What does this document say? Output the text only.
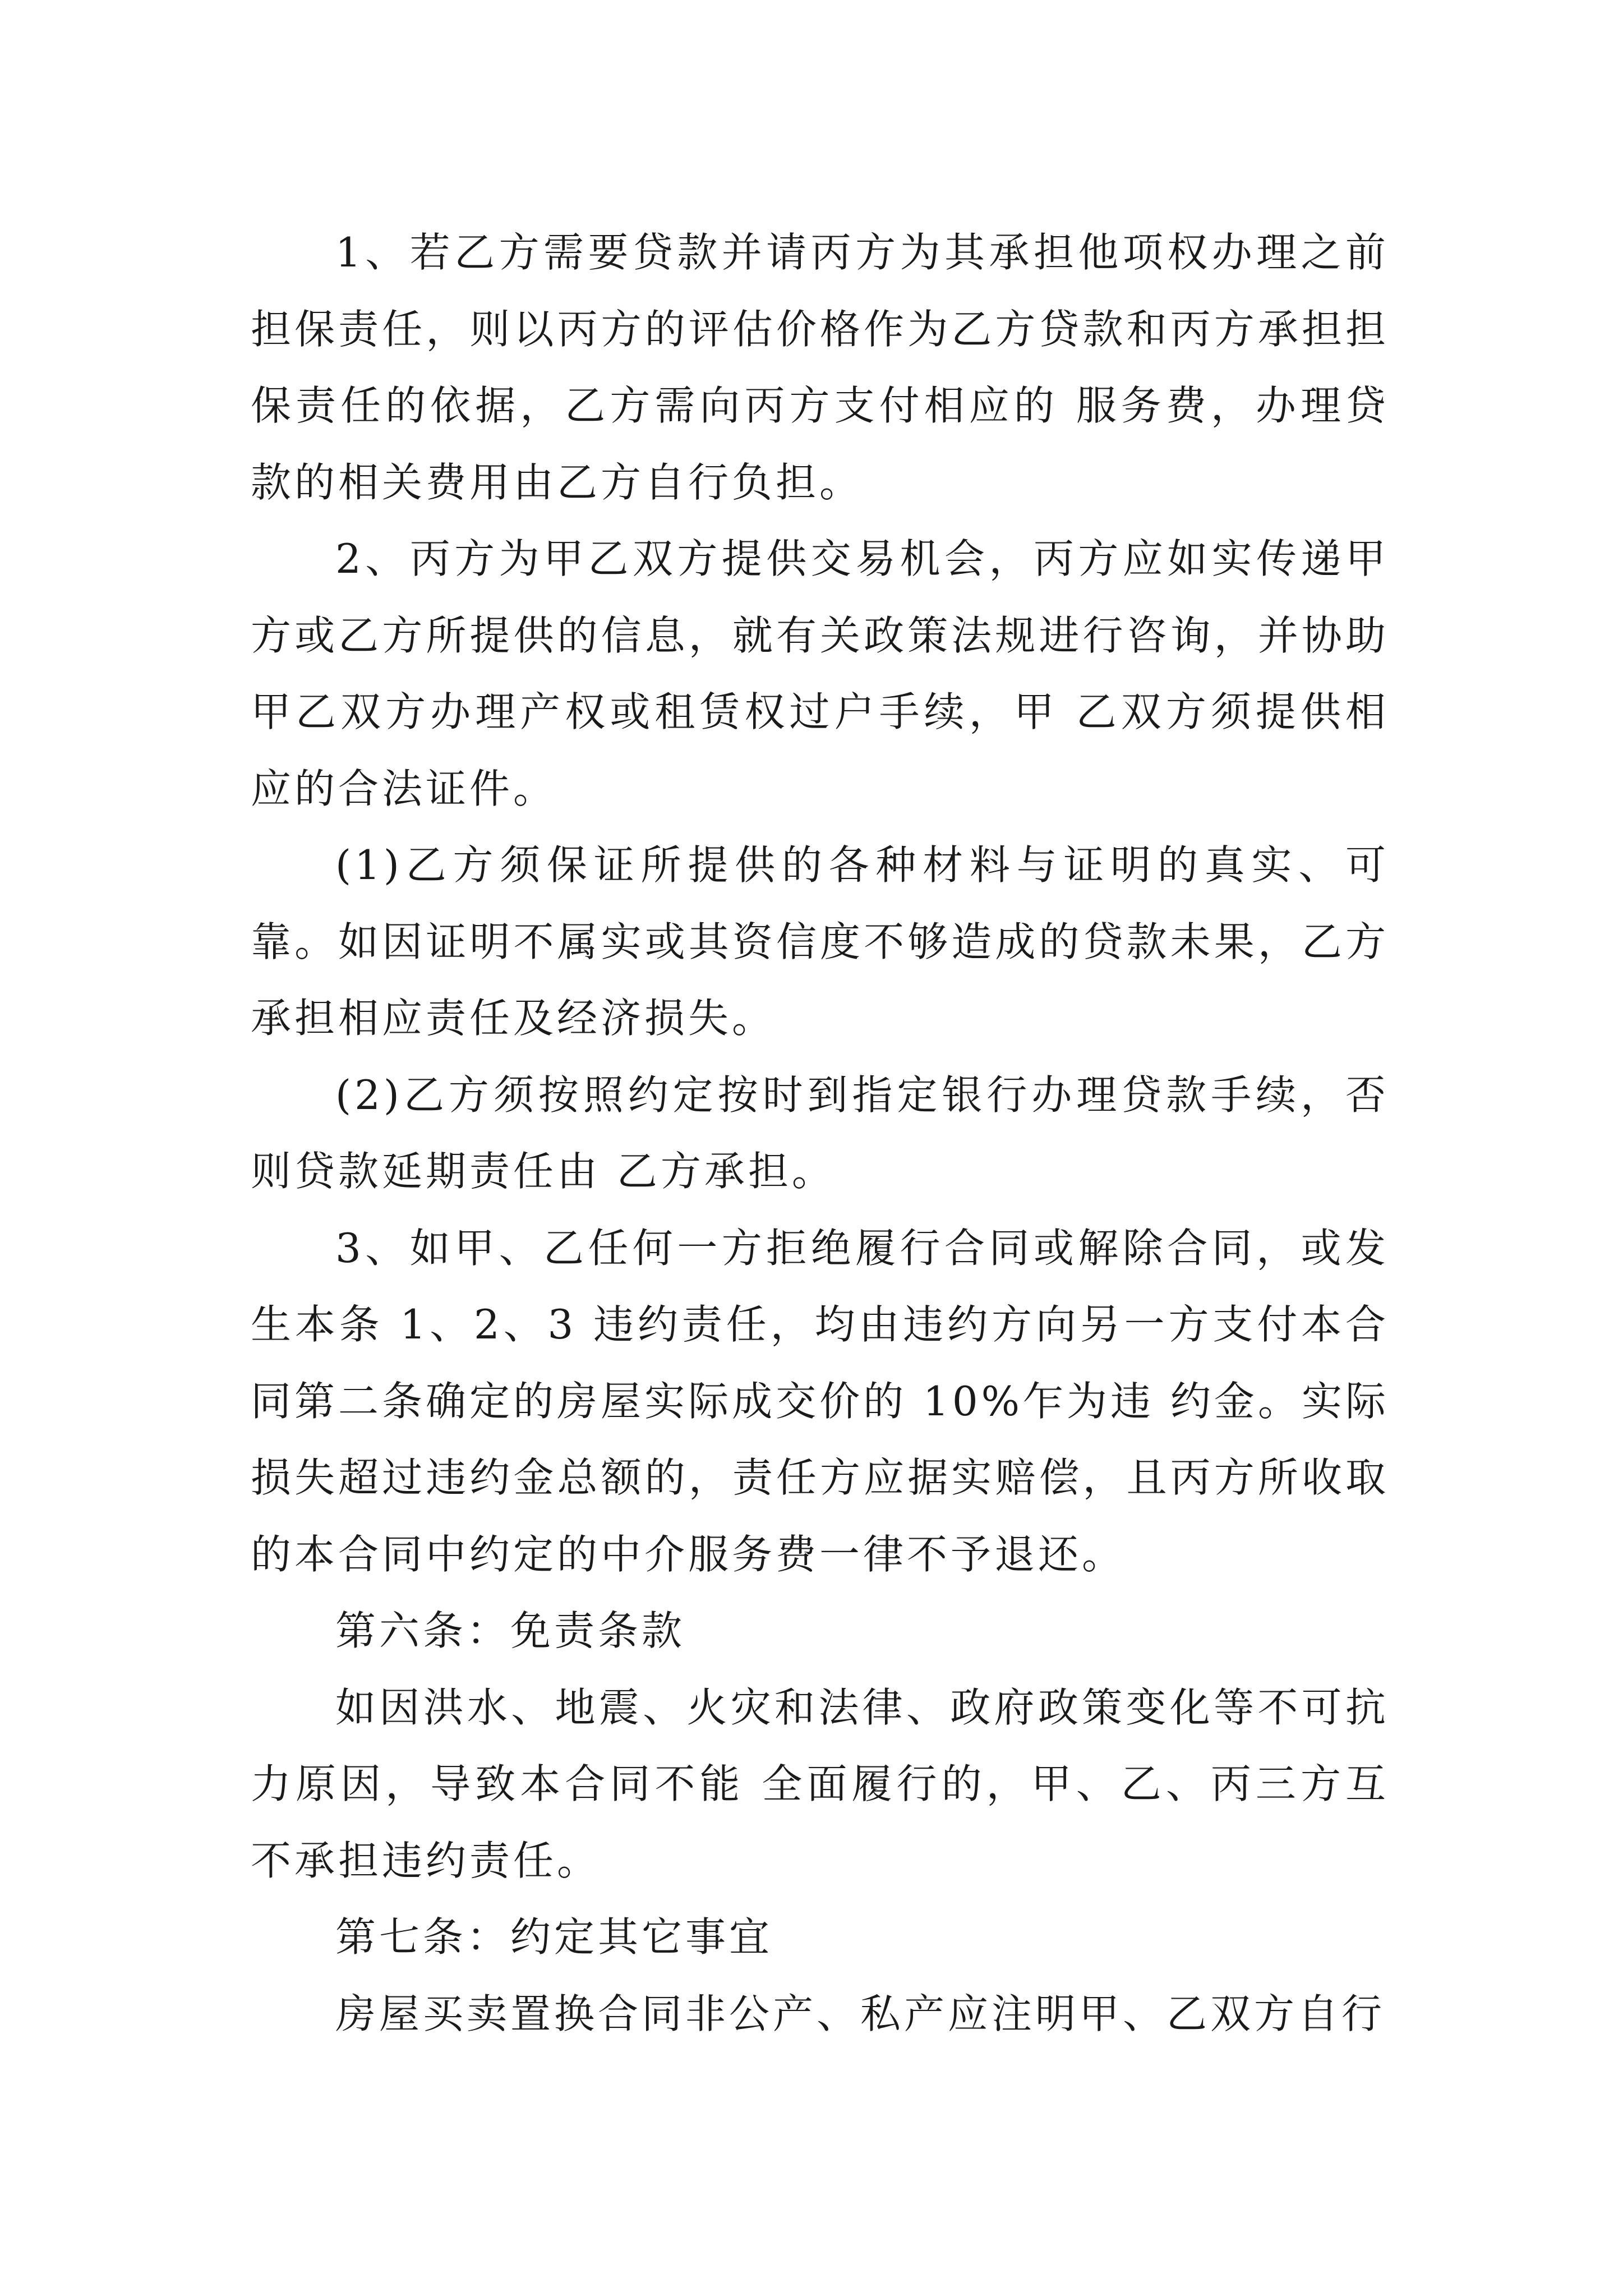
1、若乙方需要贷款并请丙方为其承担他项权办理之前担保责任，则以丙方的评估价格作为乙方贷款和丙方承担担保责任的依据，乙方需向丙方支付相应的 服务费，办理贷款的相关费用由乙方自行负担。

2、丙方为甲乙双方提供交易机会，丙方应如实传递甲方或乙方所提供的信息，就有关政策法规进行咨询，并协助甲乙双方办理产权或租赁权过户手续，甲 乙双方须提供相应的合法证件。

(1)乙方须保证所提供的各种材料与证明的真实、可靠。如因证明不属实或其资信度不够造成的贷款未果，乙方承担相应责任及经济损失。

(2)乙方须按照约定按时到指定银行办理贷款手续，否则贷款延期责任由 乙方承担。

3、如甲、乙任何一方拒绝履行合同或解除合同，或发生本条 1、2、3 违约责任，均由违约方向另一方支付本合同第二条确定的房屋实际成交价的 10%乍为违 约金。实际损失超过违约金总额的，责任方应据实赔偿，且丙方所收取的本合同中约定的中介服务费一律不予退还。

第六条：免责条款

如因洪水、地震、火灾和法律、政府政策变化等不可抗力原因，导致本合同不能 全面履行的，甲、乙、丙三方互不承担违约责任。

第七条：约定其它事宜

房屋买卖置换合同非公产、私产应注明甲、乙双方自行
